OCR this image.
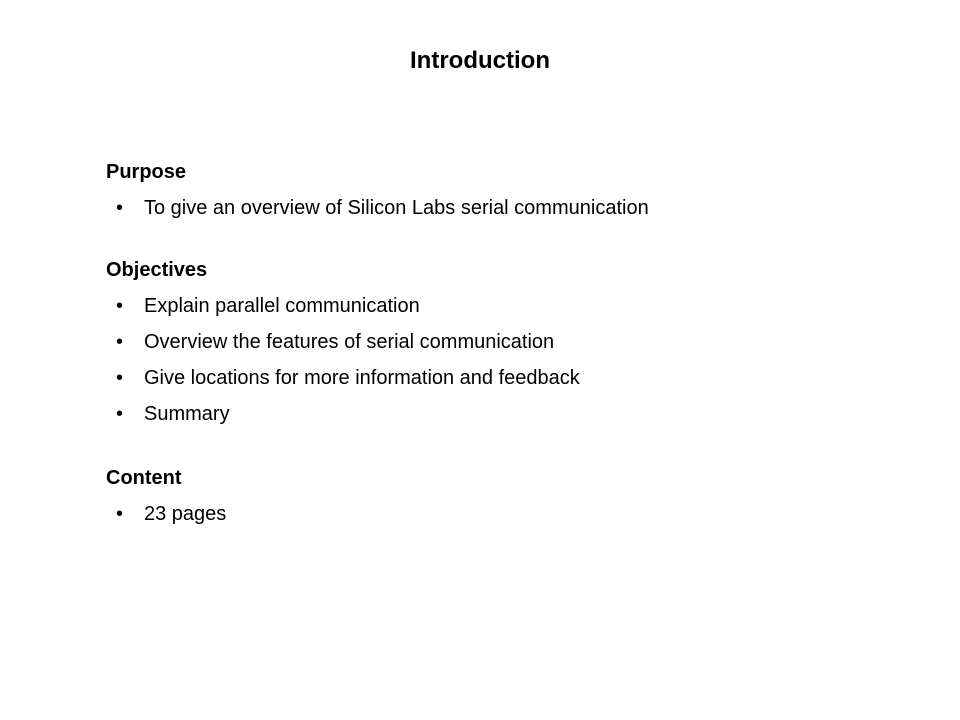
Introduction
Purpose
• To give an overview of Silicon Labs serial communication
Objectives
• Explain parallel communication
• Overview the features of serial communication
• Give locations for more information and feedback
• Summary
Content
• 23 pages
